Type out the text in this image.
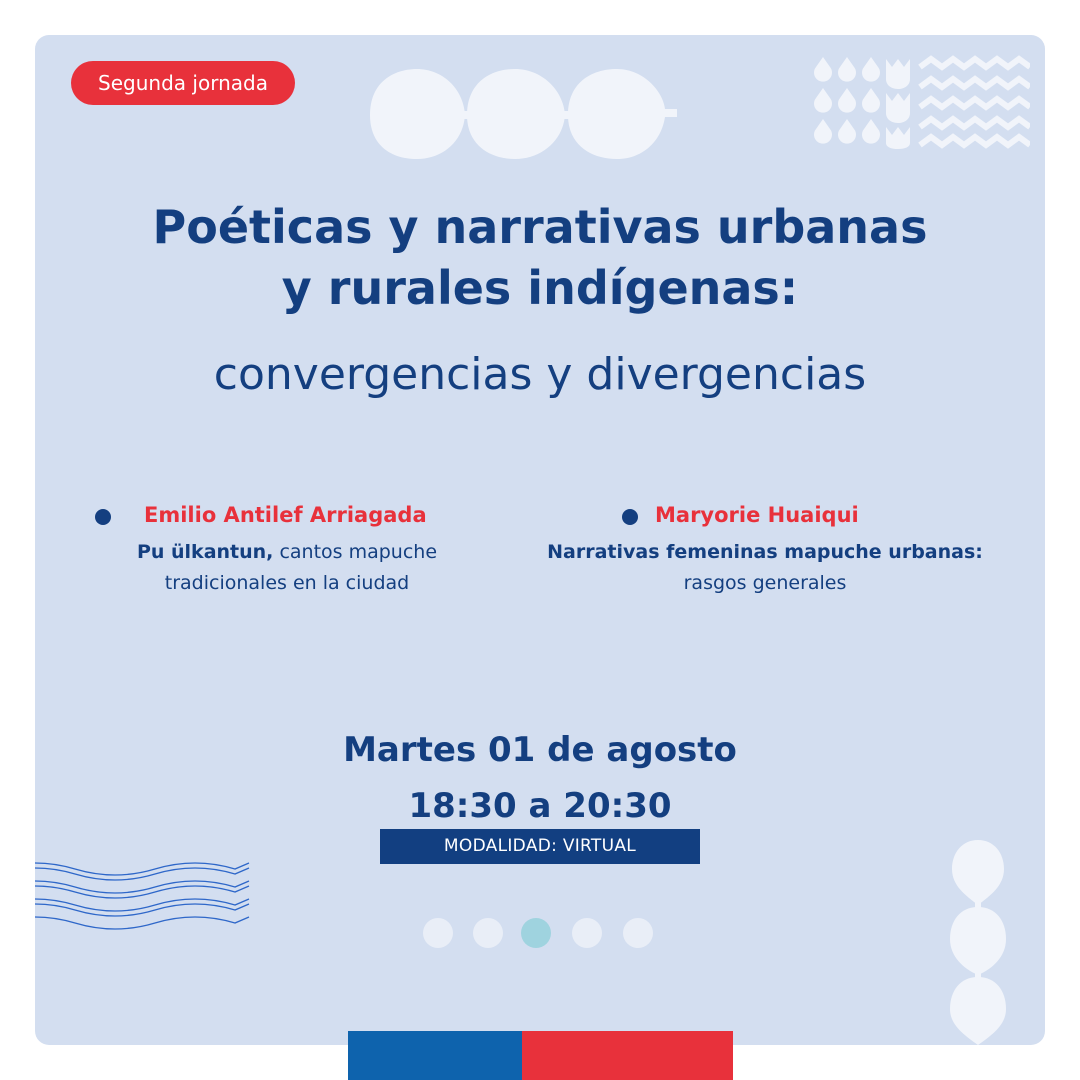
Segunda jornada
Poéticas y narrativas urbanas
y rurales indígenas:
convergencias y divergencias
Emilio Antilef Arriagada
Pu ülkantun, cantos mapuche
tradicionales en la ciudad
Maryorie Huaiqui
Narrativas femeninas mapuche urbanas:
rasgos generales
Martes 01 de agosto
18:30 a 20:30
MODALIDAD: VIRTUAL
